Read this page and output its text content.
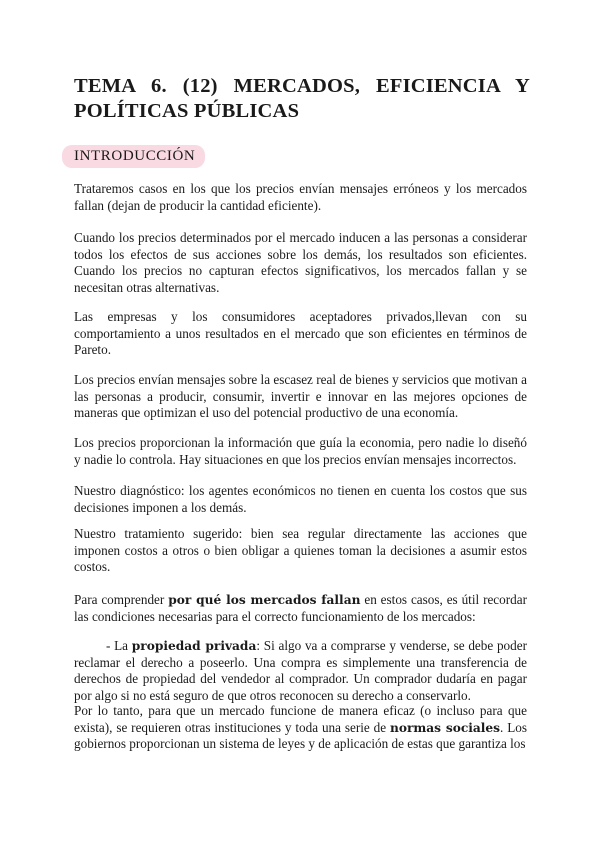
TEMA 6. (12) MERCADOS, EFICIENCIA Y POLÍTICAS PÚBLICAS
INTRODUCCIÓN
Trataremos casos en los que los precios envían mensajes erróneos y los mercados fallan (dejan de producir la cantidad eficiente).
Cuando los precios determinados por el mercado inducen a las personas a considerar todos los efectos de sus acciones sobre los demás, los resultados son eficientes. Cuando los precios no capturan efectos significativos, los mercados fallan y se necesitan otras alternativas.
Las empresas y los consumidores aceptadores privados,llevan con su comportamiento a unos resultados en el mercado que son eficientes en términos de Pareto.
Los precios envían mensajes sobre la escasez real de bienes y servicios que motivan a las personas a producir, consumir, invertir e innovar en las mejores opciones de maneras que optimizan el uso del potencial productivo de una economía.
Los precios proporcionan la información que guía la economia, pero nadie lo diseñó y nadie lo controla. Hay situaciones en que los precios envían mensajes incorrectos.
Nuestro diagnóstico: los agentes económicos no tienen en cuenta los costos que sus decisiones imponen a los demás.
Nuestro tratamiento sugerido: bien sea regular directamente las acciones que imponen costos a otros o bien obligar a quienes toman la decisiones a asumir estos costos.
Para comprender por qué los mercados fallan en estos casos, es útil recordar las condiciones necesarias para el correcto funcionamiento de los mercados:
- La propiedad privada: Si algo va a comprarse y venderse, se debe poder reclamar el derecho a poseerlo. Una compra es simplemente una transferencia de derechos de propiedad del vendedor al comprador. Un comprador dudaría en pagar por algo si no está seguro de que otros reconocen su derecho a conservarlo.
Por lo tanto, para que un mercado funcione de manera eficaz (o incluso para que exista), se requieren otras instituciones y toda una serie de normas sociales. Los gobiernos proporcionan un sistema de leyes y de aplicación de estas que garantiza los
